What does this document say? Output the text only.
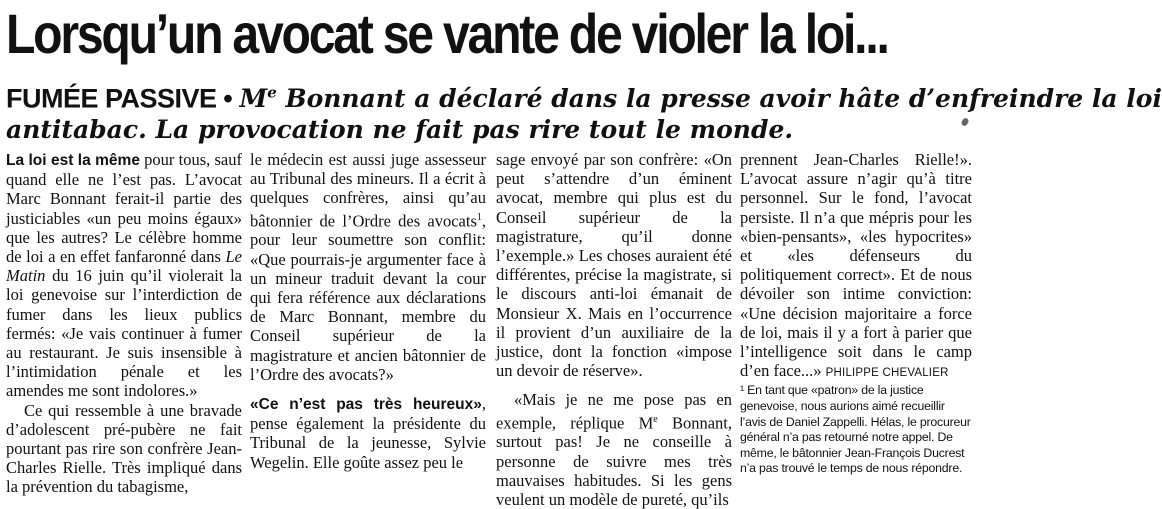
Lorsqu’un avocat se vante de violer la loi...
FUMÉE PASSIVE • Me Bonnant a déclaré dans la presse avoir hâte d’enfreindre la loi
antitabac. La provocation ne fait pas rire tout le monde.

La loi est la même pour tous, sauf quand elle ne l’est pas. L’avocat Marc Bonnant ferait-il partie des justiciables «un peu moins égaux» que les autres? Le célèbre homme de loi a en effet fanfaronné dans Le Matin du 16 juin qu’il violerait la loi genevoise sur l’interdiction de fumer dans les lieux publics fermés: «Je vais continuer à fumer au restaurant. Je suis insensible à l’intimidation pénale et les amendes me sont indolores.»

Ce qui ressemble à une bravade d’adolescent pré-pubère ne fait pourtant pas rire son confrère Jean-Charles Rielle. Très impliqué dans la prévention du tabagisme,

le médecin est aussi juge assesseur au Tribunal des mineurs. Il a écrit à quelques confrères, ainsi qu’au bâtonnier de l’Ordre des avocats$^1$, pour leur soumettre son conflit: «Que pourrais-je argumenter face à un mineur traduit devant la cour qui fera référence aux déclarations de Marc Bonnant, membre du Conseil supérieur de la magistrature et ancien bâtonnier de l’Ordre des avocats?»

«Ce n’est pas très heureux», pense également la présidente du Tribunal de la jeunesse, Sylvie Wegelin. Elle goûte assez peu le

sage envoyé par son confrère: «On peut s’attendre d’un éminent avocat, membre qui plus est du Conseil supérieur de la magistrature, qu’il donne l’exemple.» Les choses auraient été différentes, précise la magistrate, si le discours anti-loi émanait de Monsieur X. Mais en l’occurrence il provient d’un auxiliaire de la justice, dont la fonction «impose un devoir de réserve».

«Mais je ne me pose pas en exemple, réplique Me Bonnant, surtout pas! Je ne conseille à personne de suivre mes très mauvaises habitudes. Si les gens veulent un modèle de pureté, qu’ils

prennent Jean-Charles Rielle!». L’avocat assure n’agir qu’à titre personnel. Sur le fond, l’avocat persiste. Il n’a que mépris pour les «bien-pensants», «les hypocrites» et «les défenseurs du politiquement correct». Et de nous dévoiler son intime conviction: «Une décision majoritaire a force de loi, mais il y a fort à parier que l’intelligence soit dans le camp d’en face...» PHILIPPE CHEVALIER

¹ En tant que «patron» de la justice genevoise, nous aurions aimé recueillir l’avis de Daniel Zappelli. Hélas, le procureur général n’a pas retourné notre appel. De même, le bâtonnier Jean-François Ducrest n’a pas trouvé le temps de nous répondre.
